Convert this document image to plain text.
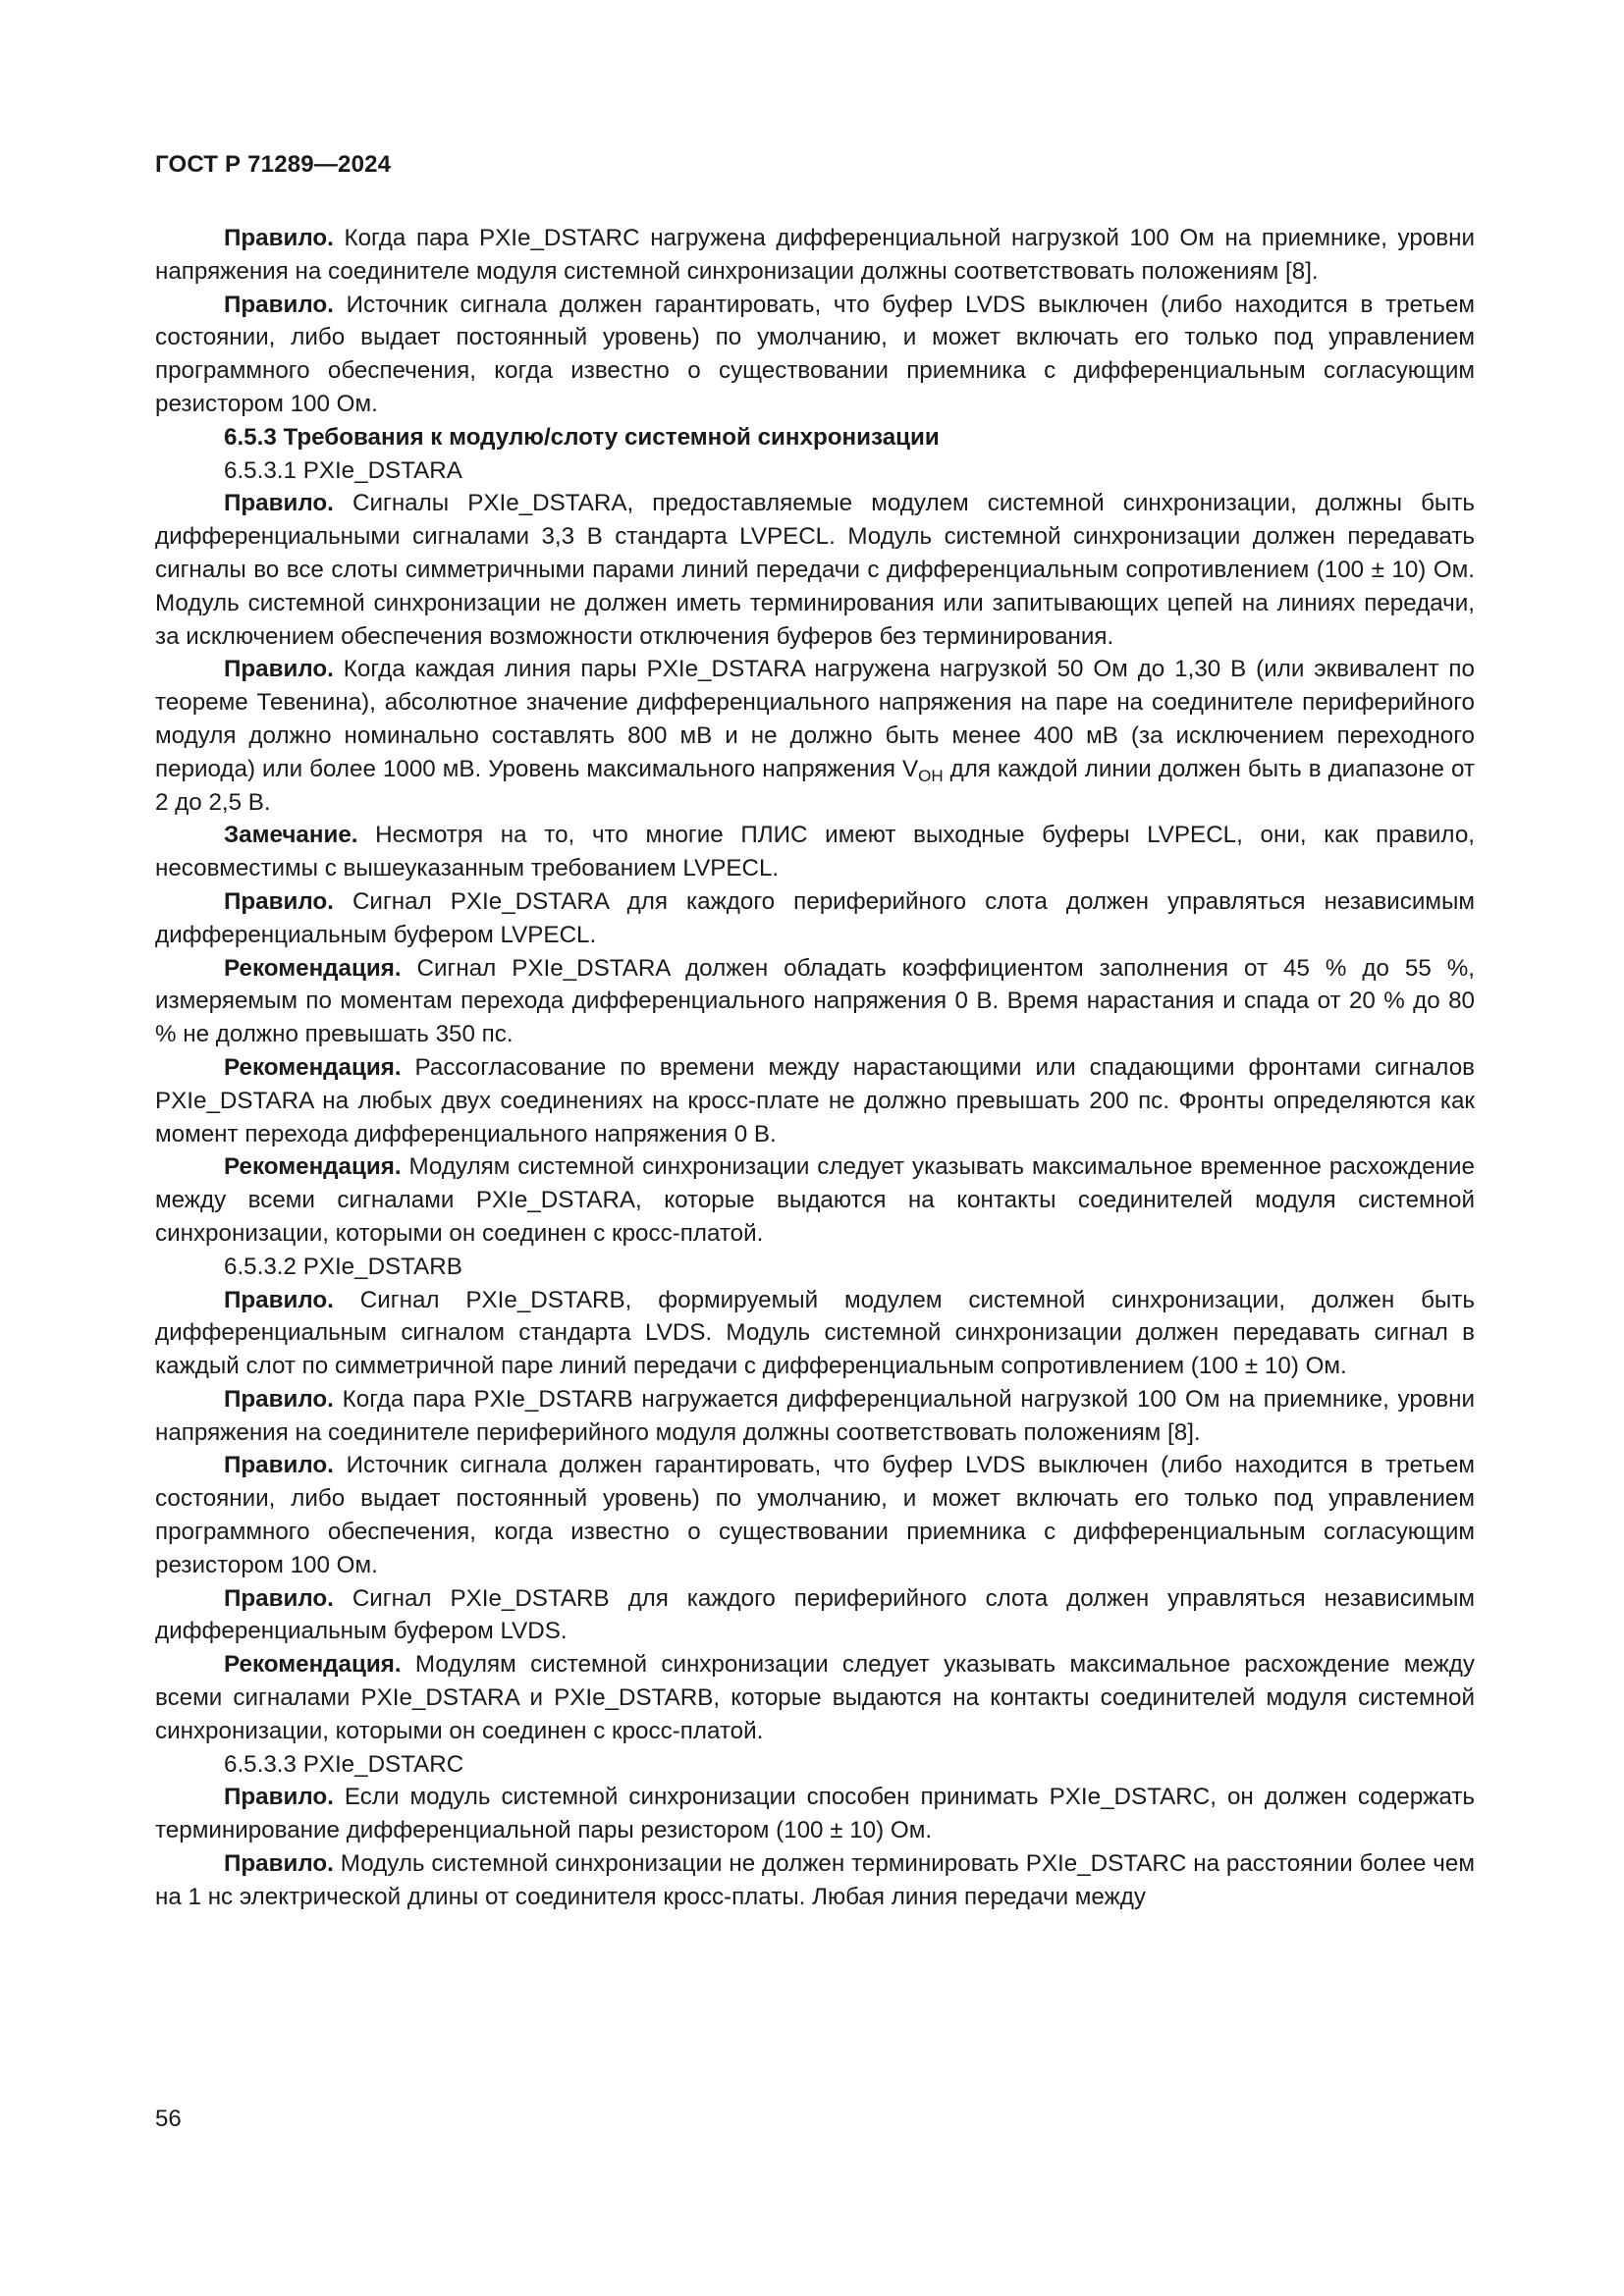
ГОСТ Р 71289—2024

Правило. Когда пара PXIe_DSTARC нагружена дифференциальной нагрузкой 100 Ом на приемнике, уровни напряжения на соединителе модуля системной синхронизации должны соответствовать положениям [8].

Правило. Источник сигнала должен гарантировать, что буфер LVDS выключен (либо находится в третьем состоянии, либо выдает постоянный уровень) по умолчанию, и может включать его только под управлением программного обеспечения, когда известно о существовании приемника с дифференциальным согласующим резистором 100 Ом.

6.5.3 Требования к модулю/слоту системной синхронизации

6.5.3.1 PXIe_DSTARA

Правило. Сигналы PXIe_DSTARA, предоставляемые модулем системной синхронизации, должны быть дифференциальными сигналами 3,3 В стандарта LVPECL. Модуль системной синхронизации должен передавать сигналы во все слоты симметричными парами линий передачи с дифференциальным сопротивлением (100 ± 10) Ом. Модуль системной синхронизации не должен иметь терминирования или запитывающих цепей на линиях передачи, за исключением обеспечения возможности отключения буферов без терминирования.

Правило. Когда каждая линия пары PXIe_DSTARA нагружена нагрузкой 50 Ом до 1,30 В (или эквивалент по теореме Тевенина), абсолютное значение дифференциального напряжения на паре на соединителе периферийного модуля должно номинально составлять 800 мВ и не должно быть менее 400 мВ (за исключением переходного периода) или более 1000 мВ. Уровень максимального напряжения $V_{OH}$ для каждой линии должен быть в диапазоне от 2 до 2,5 В.

Замечание. Несмотря на то, что многие ПЛИС имеют выходные буферы LVPECL, они, как правило, несовместимы с вышеуказанным требованием LVPECL.

Правило. Сигнал PXIe_DSTARA для каждого периферийного слота должен управляться независимым дифференциальным буфером LVPECL.

Рекомендация. Сигнал PXIe_DSTARA должен обладать коэффициентом заполнения от 45 % до 55 %, измеряемым по моментам перехода дифференциального напряжения 0 В. Время нарастания и спада от 20 % до 80 % не должно превышать 350 пс.

Рекомендация. Рассогласование по времени между нарастающими или спадающими фронтами сигналов PXIe_DSTARA на любых двух соединениях на кросс-плате не должно превышать 200 пс. Фронты определяются как момент перехода дифференциального напряжения 0 В.

Рекомендация. Модулям системной синхронизации следует указывать максимальное временное расхождение между всеми сигналами PXIe_DSTARA, которые выдаются на контакты соединителей модуля системной синхронизации, которыми он соединен с кросс-платой.

6.5.3.2 PXIe_DSTARB

Правило. Сигнал PXIe_DSTARB, формируемый модулем системной синхронизации, должен быть дифференциальным сигналом стандарта LVDS. Модуль системной синхронизации должен передавать сигнал в каждый слот по симметричной паре линий передачи с дифференциальным сопротивлением (100 ± 10) Ом.

Правило. Когда пара PXIe_DSTARB нагружается дифференциальной нагрузкой 100 Ом на приемнике, уровни напряжения на соединителе периферийного модуля должны соответствовать положениям [8].

Правило. Источник сигнала должен гарантировать, что буфер LVDS выключен (либо находится в третьем состоянии, либо выдает постоянный уровень) по умолчанию, и может включать его только под управлением программного обеспечения, когда известно о существовании приемника с дифференциальным согласующим резистором 100 Ом.

Правило. Сигнал PXIe_DSTARB для каждого периферийного слота должен управляться независимым дифференциальным буфером LVDS.

Рекомендация. Модулям системной синхронизации следует указывать максимальное расхождение между всеми сигналами PXIe_DSTARA и PXIe_DSTARB, которые выдаются на контакты соединителей модуля системной синхронизации, которыми он соединен с кросс-платой.

6.5.3.3 PXIe_DSTARC

Правило. Если модуль системной синхронизации способен принимать PXIe_DSTARC, он должен содержать терминирование дифференциальной пары резистором (100 ± 10) Ом.

Правило. Модуль системной синхронизации не должен терминировать PXIe_DSTARC на расстоянии более чем на 1 нс электрической длины от соединителя кросс-платы. Любая линия передачи между

56
